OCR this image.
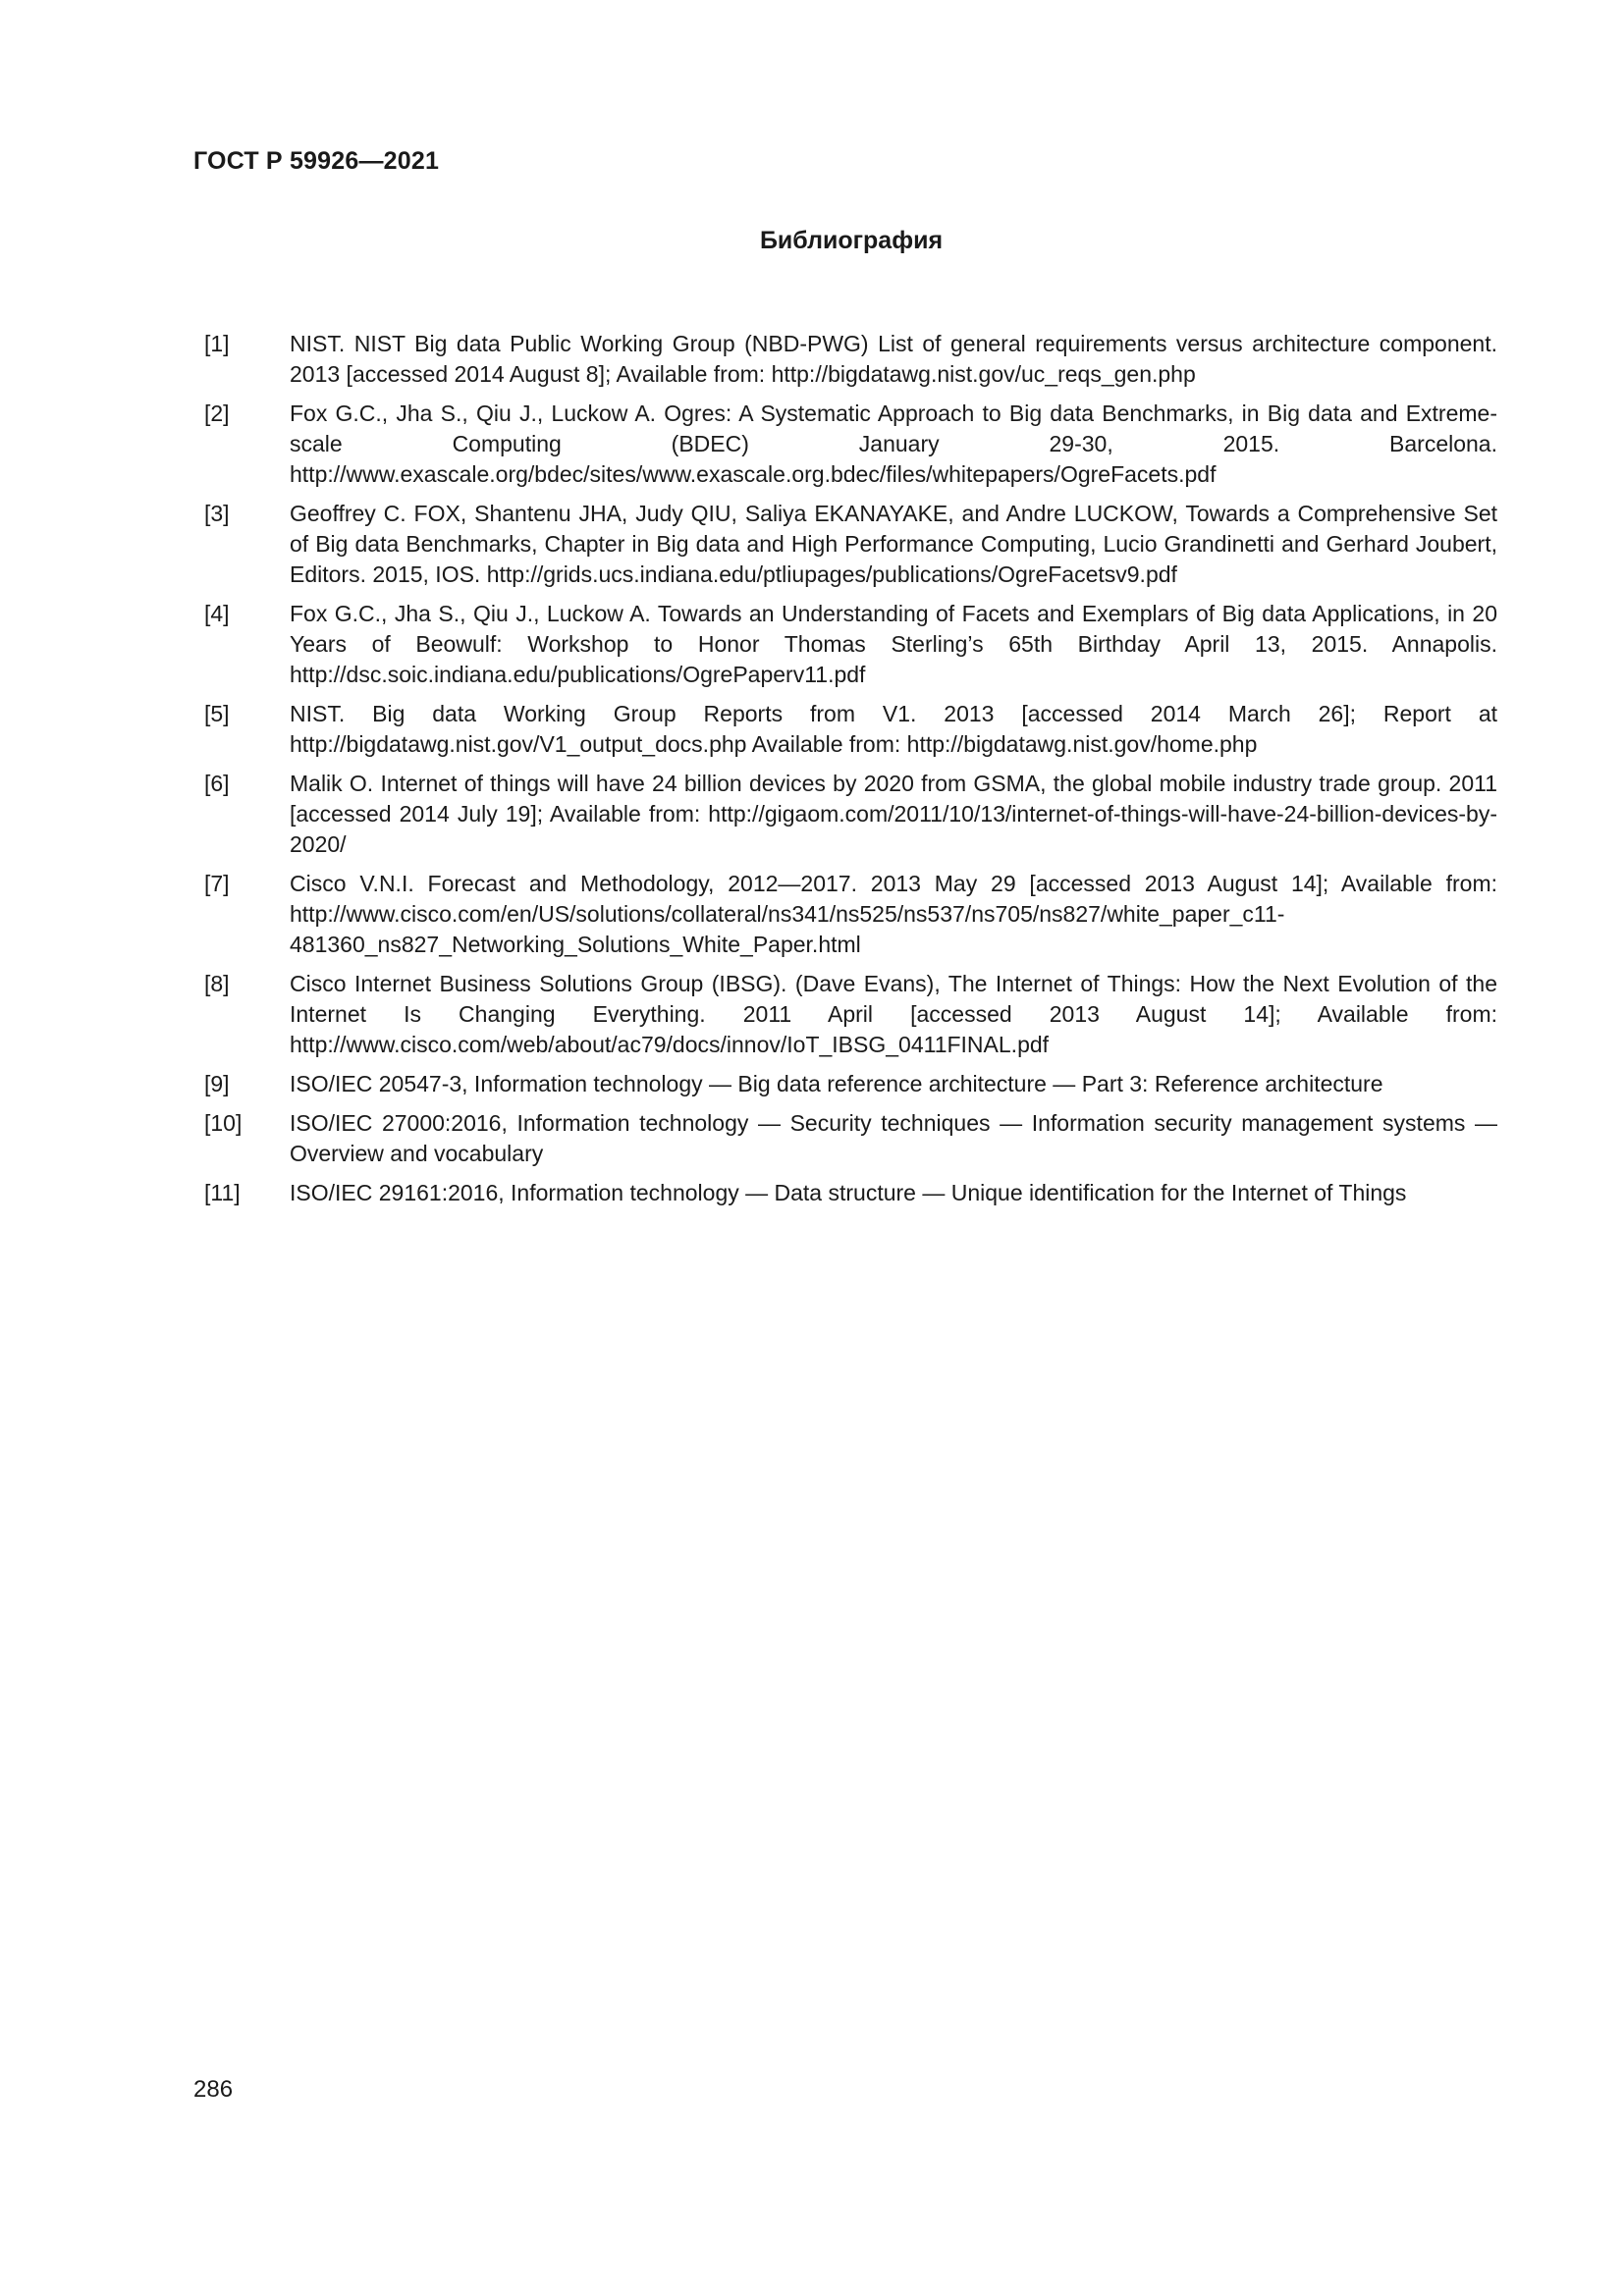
ГОСТ Р 59926—2021

Библиография
[1]	NIST. NIST Big data Public Working Group (NBD-PWG) List of general requirements versus architecture component. 2013 [accessed 2014 August 8]; Available from: http://bigdatawg.nist.gov/uc_reqs_gen.php
[2]	Fox G.C., Jha S., Qiu J., Luckow A. Ogres: A Systematic Approach to Big data Benchmarks, in Big data and Extreme-scale Computing (BDEC) January 29-30, 2015. Barcelona. http://www.exascale.org/bdec/sites/www.exascale.org.bdec/files/whitepapers/OgreFacets.pdf
[3]	Geoffrey C. FOX, Shantenu JHA, Judy QIU, Saliya EKANAYAKE, and Andre LUCKOW, Towards a Comprehensive Set of Big data Benchmarks, Chapter in Big data and High Performance Computing, Lucio Grandinetti and Gerhard Joubert, Editors. 2015, IOS. http://grids.ucs.indiana.edu/ptliupages/publications/OgreFacetsv9.pdf
[4]	Fox G.C., Jha S., Qiu J., Luckow A. Towards an Understanding of Facets and Exemplars of Big data Applications, in 20 Years of Beowulf: Workshop to Honor Thomas Sterling’s 65th Birthday April 13, 2015. Annapolis. http://dsc.soic.indiana.edu/publications/OgrePaperv11.pdf
[5]	NIST. Big data Working Group Reports from V1. 2013 [accessed 2014 March 26]; Report at http://bigdatawg.nist.gov/V1_output_docs.php Available from: http://bigdatawg.nist.gov/home.php
[6]	Malik O. Internet of things will have 24 billion devices by 2020 from GSMA, the global mobile industry trade group. 2011 [accessed 2014 July 19]; Available from: http://gigaom.com/2011/10/13/internet-of-things-will-have-24-billion-devices-by-2020/
[7]	Cisco V.N.I. Forecast and Methodology, 2012—2017. 2013 May 29 [accessed 2013 August 14]; Available from: http://www.cisco.com/en/US/solutions/collateral/ns341/ns525/ns537/ns705/ns827/white_paper_c11-481360_ns827_Networking_Solutions_White_Paper.html
[8]	Cisco Internet Business Solutions Group (IBSG). (Dave Evans), The Internet of Things: How the Next Evolution of the Internet Is Changing Everything. 2011 April [accessed 2013 August 14]; Available from: http://www.cisco.com/web/about/ac79/docs/innov/IoT_IBSG_0411FINAL.pdf
[9]	ISO/IEC 20547-3, Information technology — Big data reference architecture — Part 3: Reference architecture
[10]	ISO/IEC 27000:2016, Information technology — Security techniques — Information security management systems — Overview and vocabulary
[11]	ISO/IEC 29161:2016, Information technology — Data structure — Unique identification for the Internet of Things

286
